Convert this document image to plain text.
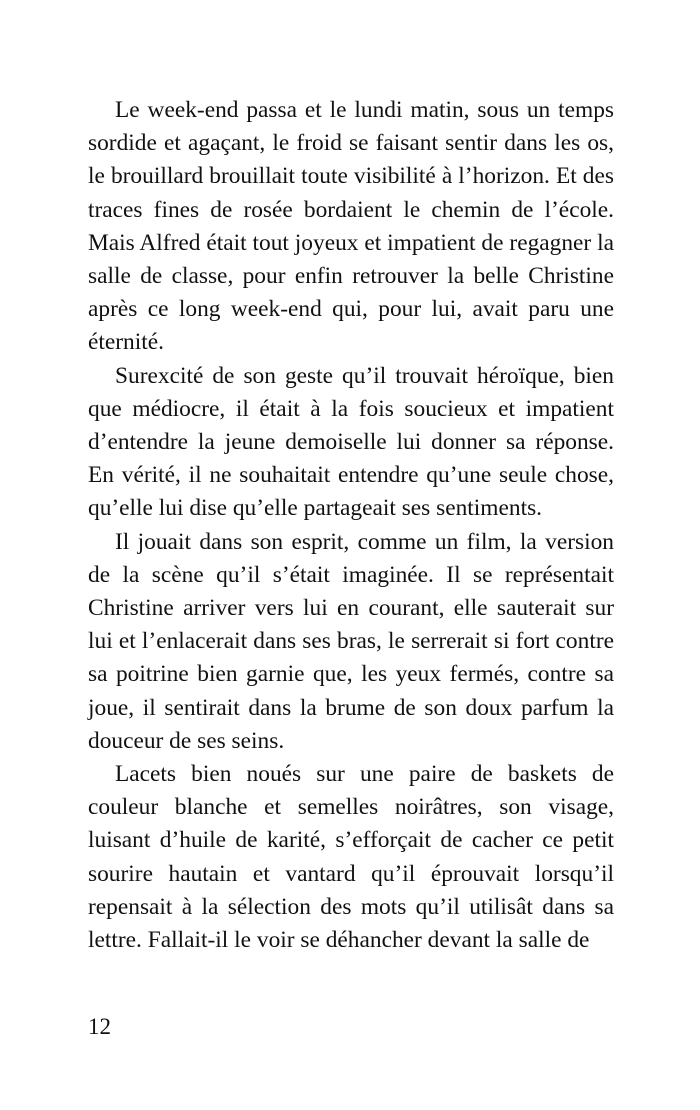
Le week-end passa et le lundi matin, sous un temps sordide et agaçant, le froid se faisant sentir dans les os, le brouillard brouillait toute visibilité à l’horizon. Et des traces fines de rosée bordaient le chemin de l’école. Mais Alfred était tout joyeux et impatient de regagner la salle de classe, pour enfin retrouver la belle Christine après ce long week-end qui, pour lui, avait paru une éternité.

Surexcité de son geste qu’il trouvait héroïque, bien que médiocre, il était à la fois soucieux et impatient d’entendre la jeune demoiselle lui donner sa réponse. En vérité, il ne souhaitait entendre qu’une seule chose, qu’elle lui dise qu’elle partageait ses sentiments.

Il jouait dans son esprit, comme un film, la version de la scène qu’il s’était imaginée. Il se représentait Christine arriver vers lui en courant, elle sauterait sur lui et l’enlacerait dans ses bras, le serrerait si fort contre sa poitrine bien garnie que, les yeux fermés, contre sa joue, il sentirait dans la brume de son doux parfum la douceur de ses seins.

Lacets bien noués sur une paire de baskets de couleur blanche et semelles noirâtres, son visage, luisant d’huile de karité, s’efforçait de cacher ce petit sourire hautain et vantard qu’il éprouvait lorsqu’il repensait à la sélection des mots qu’il utilisât dans sa lettre. Fallait-il le voir se déhancher devant la salle de

12
